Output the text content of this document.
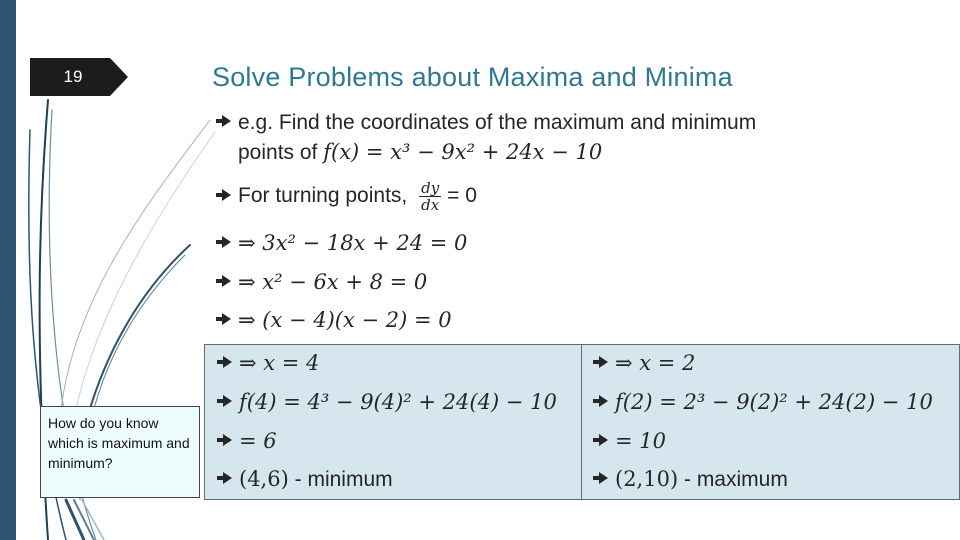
19	Solve Problems about Maxima and Minima
e.g. Find the coordinates of the maximum and minimum
points of f(x) = x³ − 9x² + 24x − 10
For turning points, $\frac{dy}{dx} = 0$
⇒ 3x² − 18x + 24 = 0
⇒ x² − 6x + 8 = 0
⇒ (x − 4)(x − 2) = 0
⇒ x = 4
f(4) = 4³ − 9(4)² + 24(4) − 10
= 6
(4,6) - minimum
⇒ x = 2
f(2) = 2³ − 9(2)² + 24(2) − 10
= 10
(2,10) - maximum
How do you know which is maximum and minimum?
